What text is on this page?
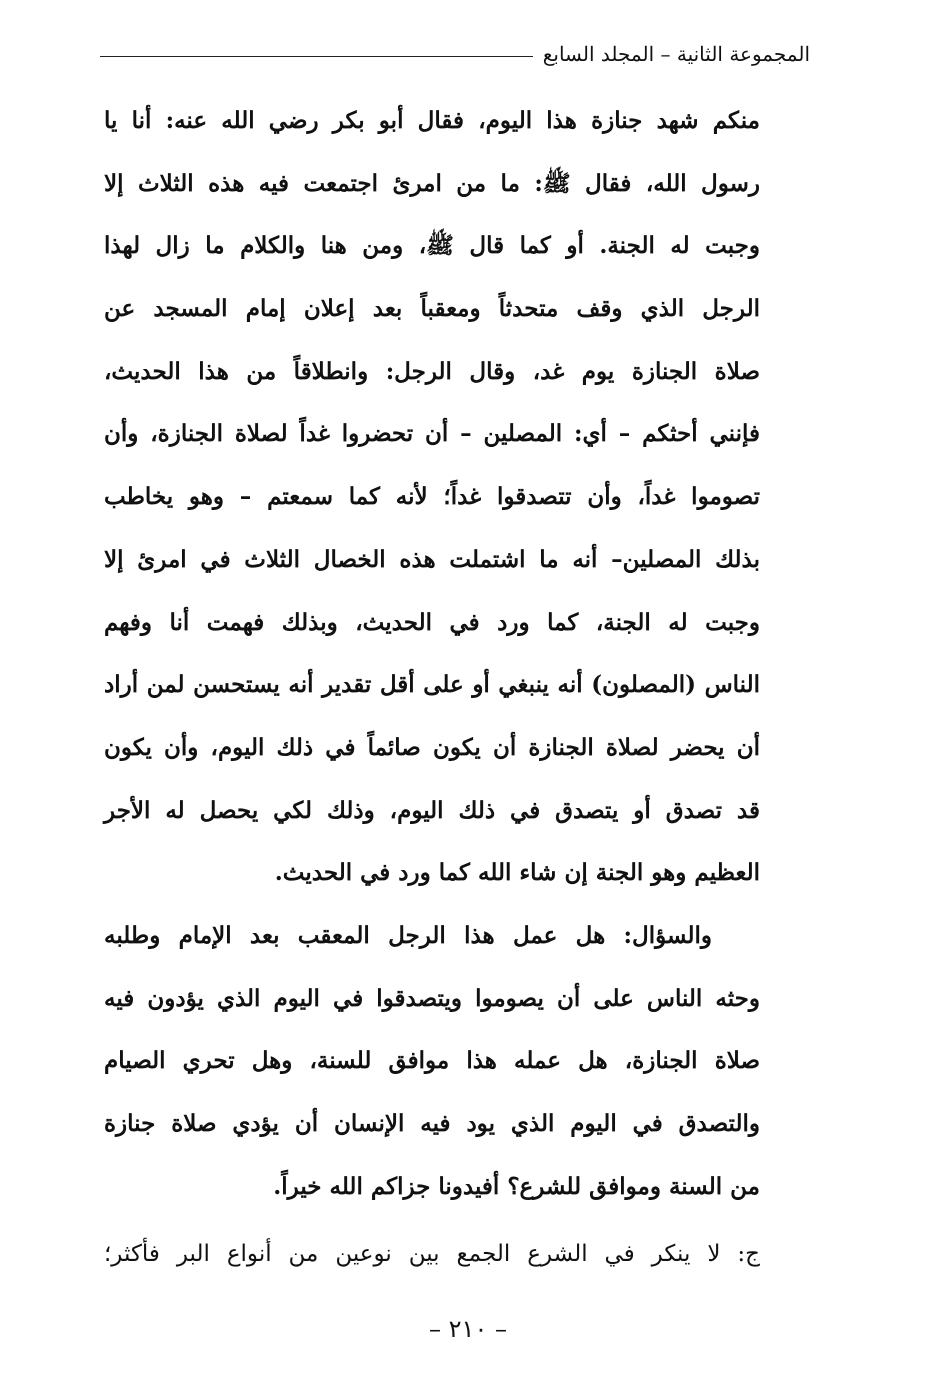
المجموعة الثانية – المجلد السابع
منكم شهد جنازة هذا اليوم، فقال أبو بكر رضي الله عنه: أنا يا
رسول الله، فقال ﷺ: ما من امرئ اجتمعت فيه هذه الثلاث إلا
وجبت له الجنة. أو كما قال ﷺ، ومن هنا والكلام ما زال لهذا
الرجل الذي وقف متحدثاً ومعقباً بعد إعلان إمام المسجد عن
صلاة الجنازة يوم غد، وقال الرجل: وانطلاقاً من هذا الحديث،
فإنني أحثكم – أي: المصلين – أن تحضروا غداً لصلاة الجنازة، وأن
تصوموا غداً، وأن تتصدقوا غداً؛ لأنه كما سمعتم – وهو يخاطب
بذلك المصلين– أنه ما اشتملت هذه الخصال الثلاث في امرئ إلا
وجبت له الجنة، كما ورد في الحديث، وبذلك فهمت أنا وفهم
الناس (المصلون) أنه ينبغي أو على أقل تقدير أنه يستحسن لمن أراد
أن يحضر لصلاة الجنازة أن يكون صائماً في ذلك اليوم، وأن يكون
قد تصدق أو يتصدق في ذلك اليوم، وذلك لكي يحصل له الأجر
العظيم وهو الجنة إن شاء الله كما ورد في الحديث.
والسؤال: هل عمل هذا الرجل المعقب بعد الإمام وطلبه
وحثه الناس على أن يصوموا ويتصدقوا في اليوم الذي يؤدون فيه
صلاة الجنازة، هل عمله هذا موافق للسنة، وهل تحري الصيام
والتصدق في اليوم الذي يود فيه الإنسان أن يؤدي صلاة جنازة
من السنة وموافق للشرع؟ أفيدونا جزاكم الله خيراً.
ج: لا ينكر في الشرع الجمع بين نوعين من أنواع البر فأكثر؛
– ٢١٠ –
